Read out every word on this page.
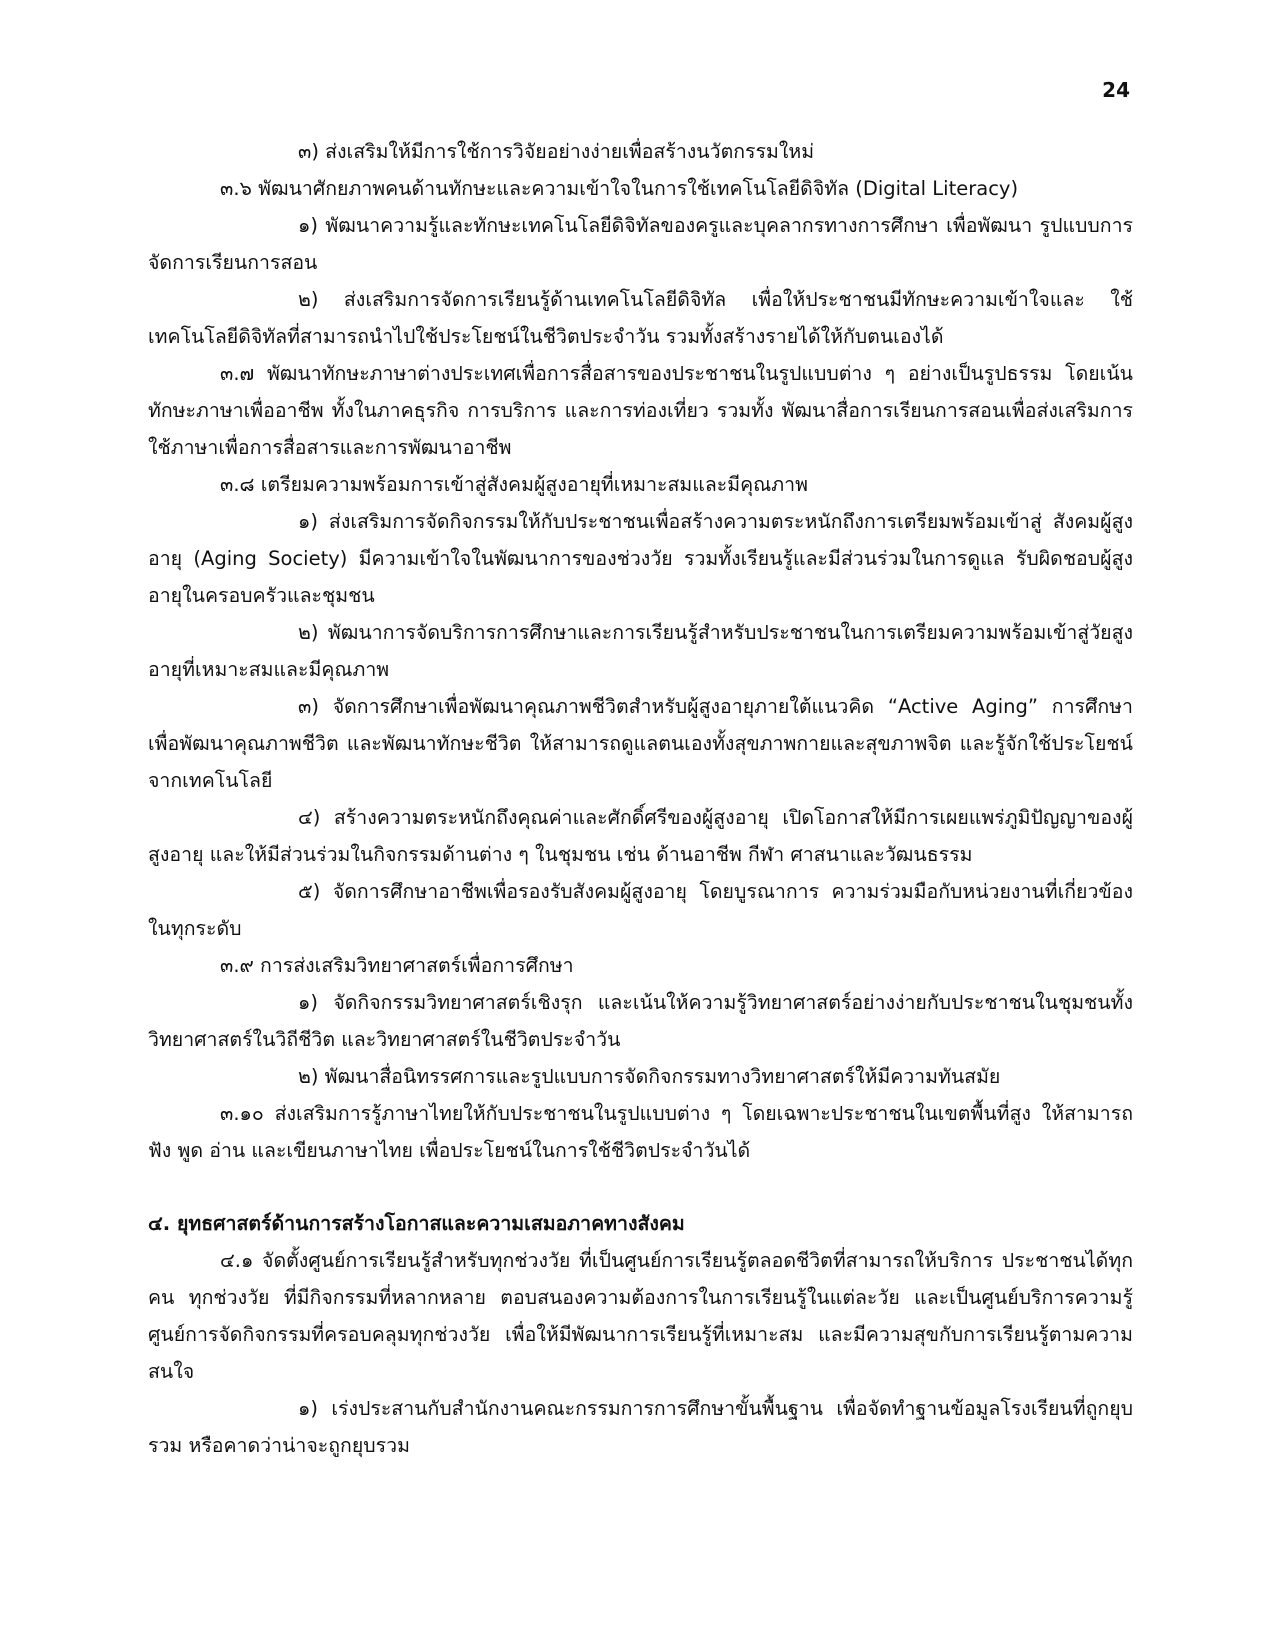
24

๓) ส่งเสริมให้มีการใช้การวิจัยอย่างง่ายเพื่อสร้างนวัตกรรมใหม่

๓.๖ พัฒนาศักยภาพคนด้านทักษะและความเข้าใจในการใช้เทคโนโลยีดิจิทัล (Digital Literacy)

๑) พัฒนาความรู้และทักษะเทคโนโลยีดิจิทัลของครูและบุคลากรทางการศึกษา เพื่อพัฒนา รูปแบบการจัดการเรียนการสอน

๒) ส่งเสริมการจัดการเรียนรู้ด้านเทคโนโลยีดิจิทัล เพื่อให้ประชาชนมีทักษะความเข้าใจและ ใช้เทคโนโลยีดิจิทัลที่สามารถนำไปใช้ประโยชน์ในชีวิตประจำวัน รวมทั้งสร้างรายได้ให้กับตนเองได้

๓.๗ พัฒนาทักษะภาษาต่างประเทศเพื่อการสื่อสารของประชาชนในรูปแบบต่าง ๆ อย่างเป็นรูปธรรม โดยเน้นทักษะภาษาเพื่ออาชีพ ทั้งในภาคธุรกิจ การบริการ และการท่องเที่ยว รวมทั้ง พัฒนาสื่อการเรียนการสอนเพื่อส่งเสริมการใช้ภาษาเพื่อการสื่อสารและการพัฒนาอาชีพ

๓.๘ เตรียมความพร้อมการเข้าสู่สังคมผู้สูงอายุที่เหมาะสมและมีคุณภาพ

๑) ส่งเสริมการจัดกิจกรรมให้กับประชาชนเพื่อสร้างความตระหนักถึงการเตรียมพร้อมเข้าสู่ สังคมผู้สูงอายุ (Aging Society) มีความเข้าใจในพัฒนาการของช่วงวัย รวมทั้งเรียนรู้และมีส่วนร่วมในการดูแล รับผิดชอบผู้สูงอายุในครอบครัวและชุมชน

๒) พัฒนาการจัดบริการการศึกษาและการเรียนรู้สำหรับประชาชนในการเตรียมความพร้อมเข้าสู่วัยสูงอายุที่เหมาะสมและมีคุณภาพ

๓) จัดการศึกษาเพื่อพัฒนาคุณภาพชีวิตสำหรับผู้สูงอายุภายใต้แนวคิด “Active Aging” การศึกษาเพื่อพัฒนาคุณภาพชีวิต และพัฒนาทักษะชีวิต ให้สามารถดูแลตนเองทั้งสุขภาพกายและสุขภาพจิต และรู้จักใช้ประโยชน์จากเทคโนโลยี

๔) สร้างความตระหนักถึงคุณค่าและศักดิ์ศรีของผู้สูงอายุ เปิดโอกาสให้มีการเผยแพร่ภูมิปัญญาของผู้สูงอายุ และให้มีส่วนร่วมในกิจกรรมด้านต่าง ๆ ในชุมชน เช่น ด้านอาชีพ กีฬา ศาสนาและวัฒนธรรม

๕) จัดการศึกษาอาชีพเพื่อรองรับสังคมผู้สูงอายุ โดยบูรณาการ ความร่วมมือกับหน่วยงานที่เกี่ยวข้อง ในทุกระดับ

๓.๙ การส่งเสริมวิทยาศาสตร์เพื่อการศึกษา

๑) จัดกิจกรรมวิทยาศาสตร์เชิงรุก และเน้นให้ความรู้วิทยาศาสตร์อย่างง่ายกับประชาชนในชุมชนทั้งวิทยาศาสตร์ในวิถีชีวิต และวิทยาศาสตร์ในชีวิตประจำวัน

๒) พัฒนาสื่อนิทรรศการและรูปแบบการจัดกิจกรรมทางวิทยาศาสตร์ให้มีความทันสมัย

๓.๑๐ ส่งเสริมการรู้ภาษาไทยให้กับประชาชนในรูปแบบต่าง ๆ โดยเฉพาะประชาชนในเขตพื้นที่สูง ให้สามารถฟัง พูด อ่าน และเขียนภาษาไทย เพื่อประโยชน์ในการใช้ชีวิตประจำวันได้

๔. ยุทธศาสตร์ด้านการสร้างโอกาสและความเสมอภาคทางสังคม

๔.๑ จัดตั้งศูนย์การเรียนรู้สำหรับทุกช่วงวัย ที่เป็นศูนย์การเรียนรู้ตลอดชีวิตที่สามารถให้บริการ ประชาชนได้ทุกคน ทุกช่วงวัย ที่มีกิจกรรมที่หลากหลาย ตอบสนองความต้องการในการเรียนรู้ในแต่ละวัย และเป็นศูนย์บริการความรู้ ศูนย์การจัดกิจกรรมที่ครอบคลุมทุกช่วงวัย เพื่อให้มีพัฒนาการเรียนรู้ที่เหมาะสม และมีความสุขกับการเรียนรู้ตามความสนใจ

๑) เร่งประสานกับสำนักงานคณะกรรมการการศึกษาขั้นพื้นฐาน เพื่อจัดทำฐานข้อมูลโรงเรียนที่ถูกยุบรวม หรือคาดว่าน่าจะถูกยุบรวม
